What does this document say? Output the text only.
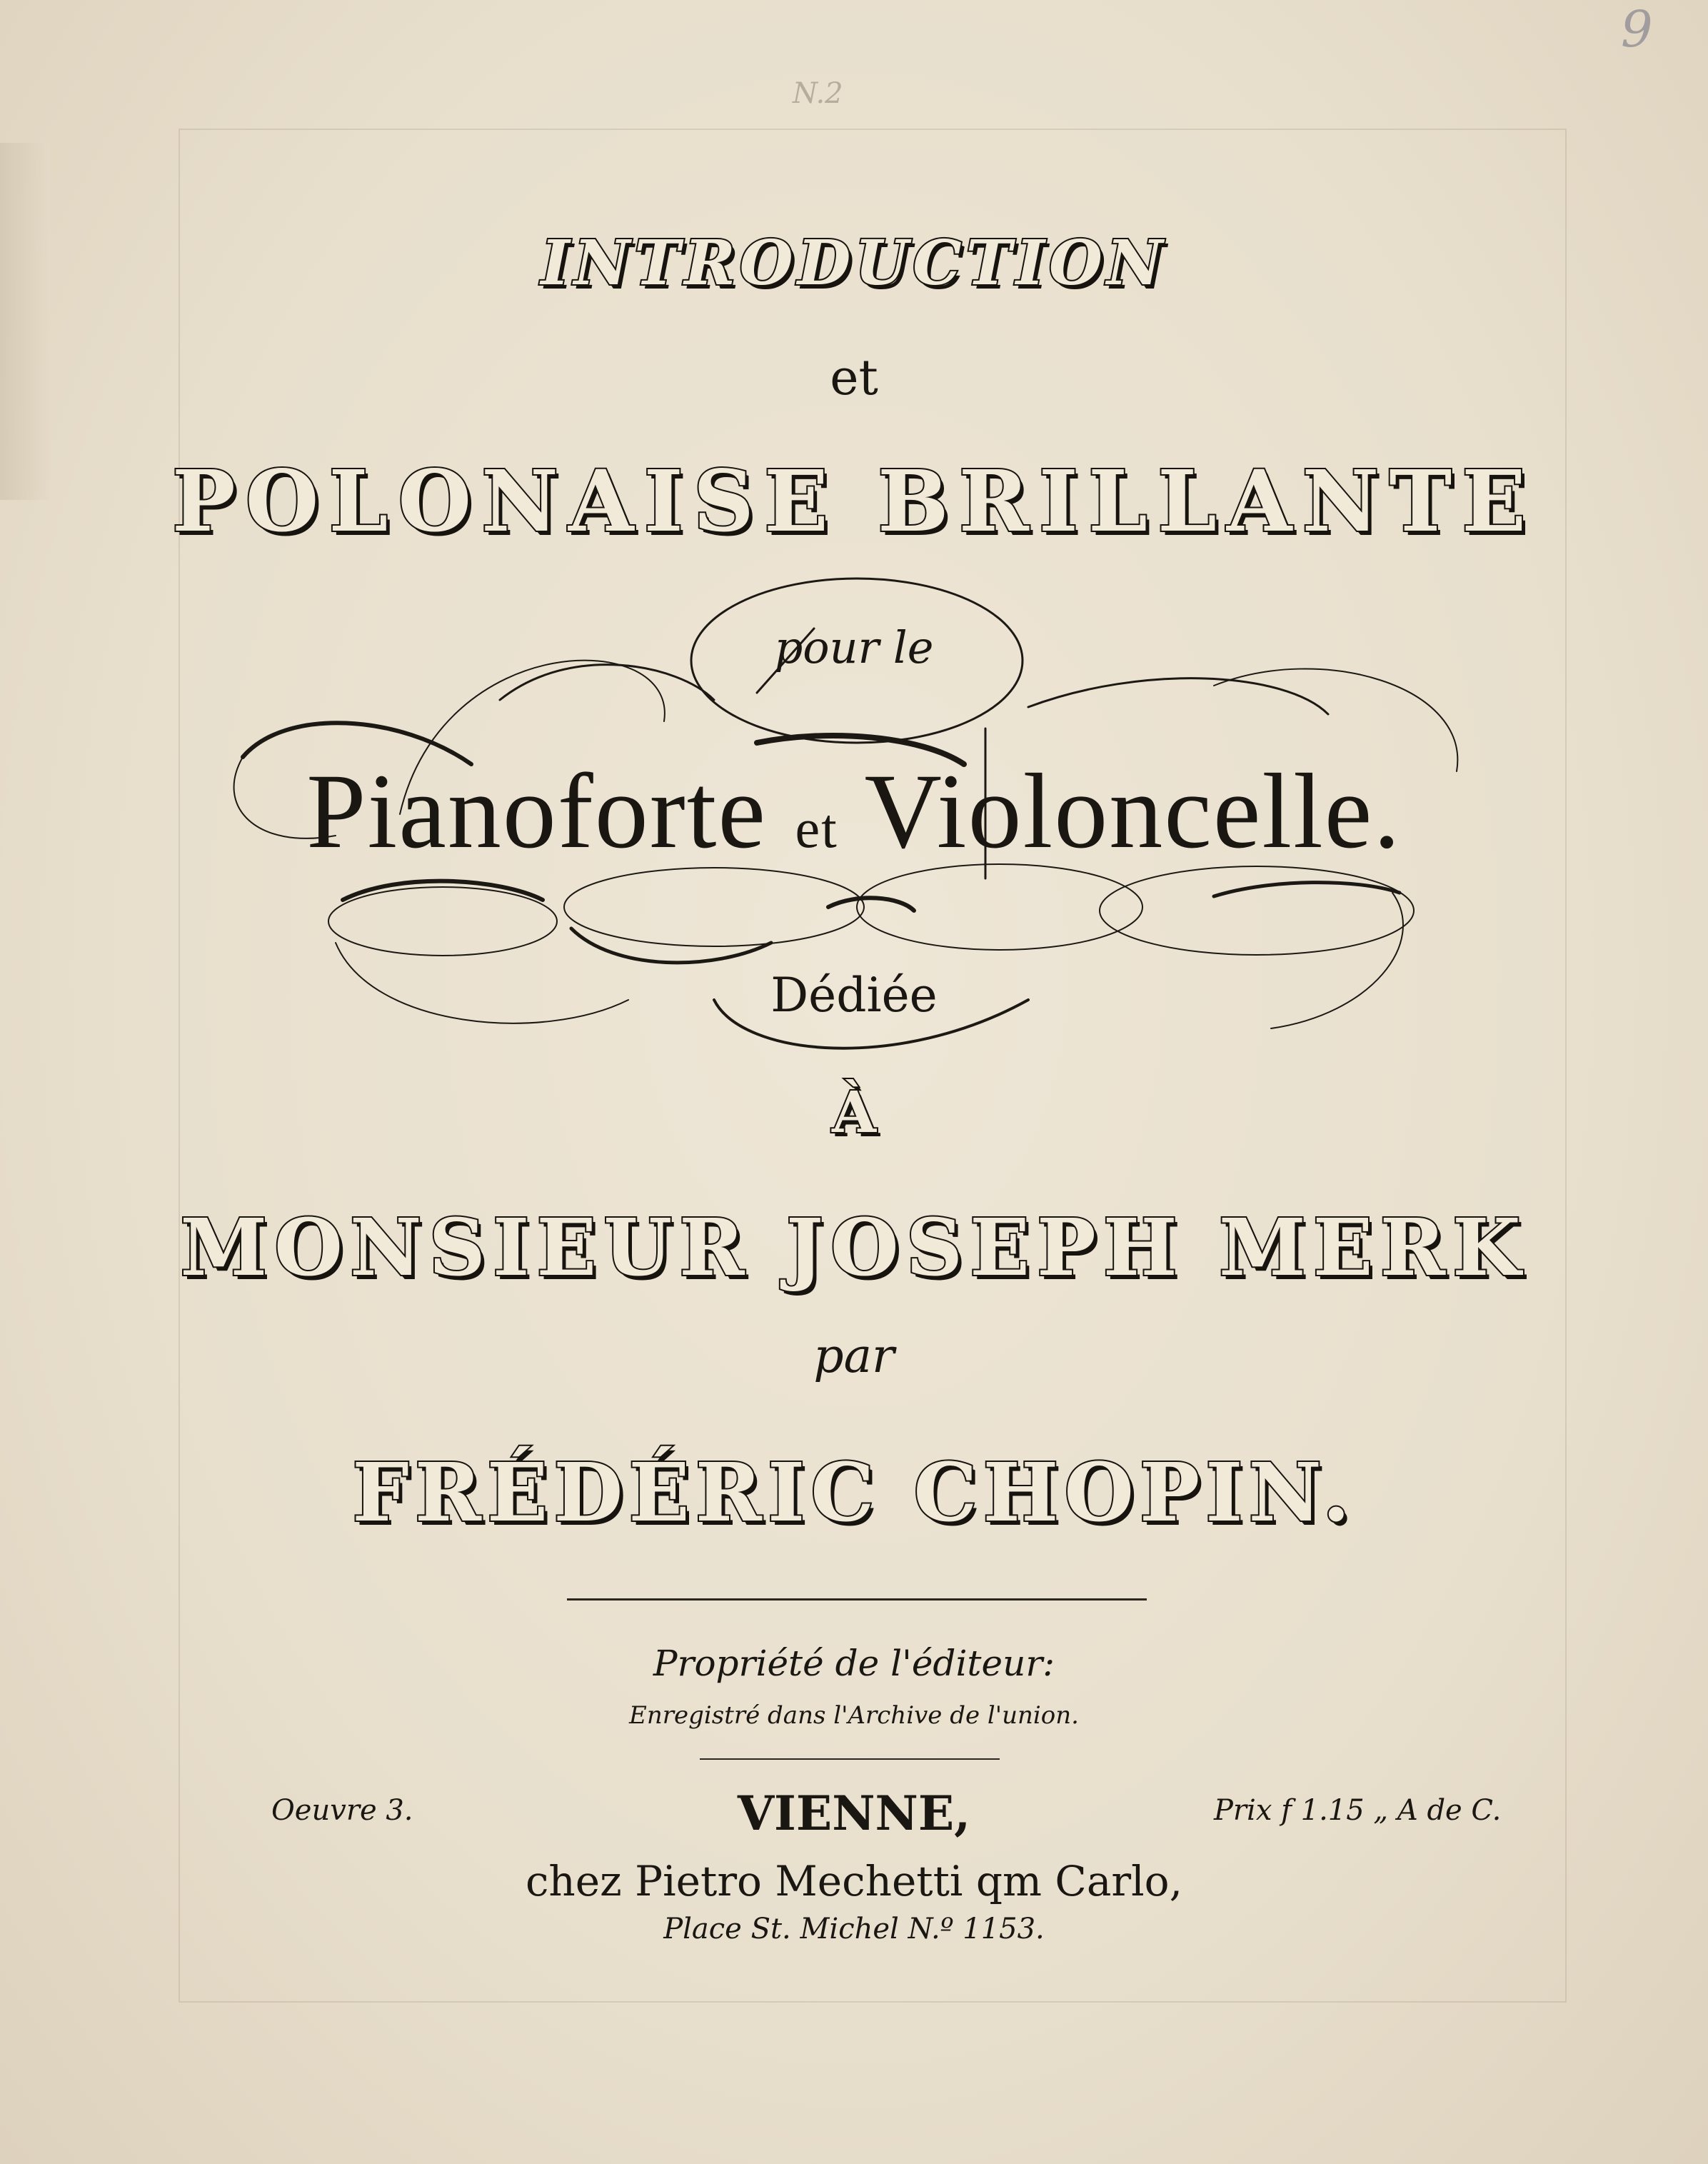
N.2
9
INTRODUCTION
et
POLONAISE BRILLANTE
pour le
Pianoforte et Violoncelle.
Dédiée
À
MONSIEUR JOSEPH MERK
par
FRÉDÉRIC CHOPIN.
Propriété de l'éditeur:
Enregistré dans l'Archive de l'union.
Oeuvre 3.	Prix f 1.15 „ A de C.
VIENNE,
chez Pietro Mechetti qm Carlo,
Place St. Michel N.º 1153.
